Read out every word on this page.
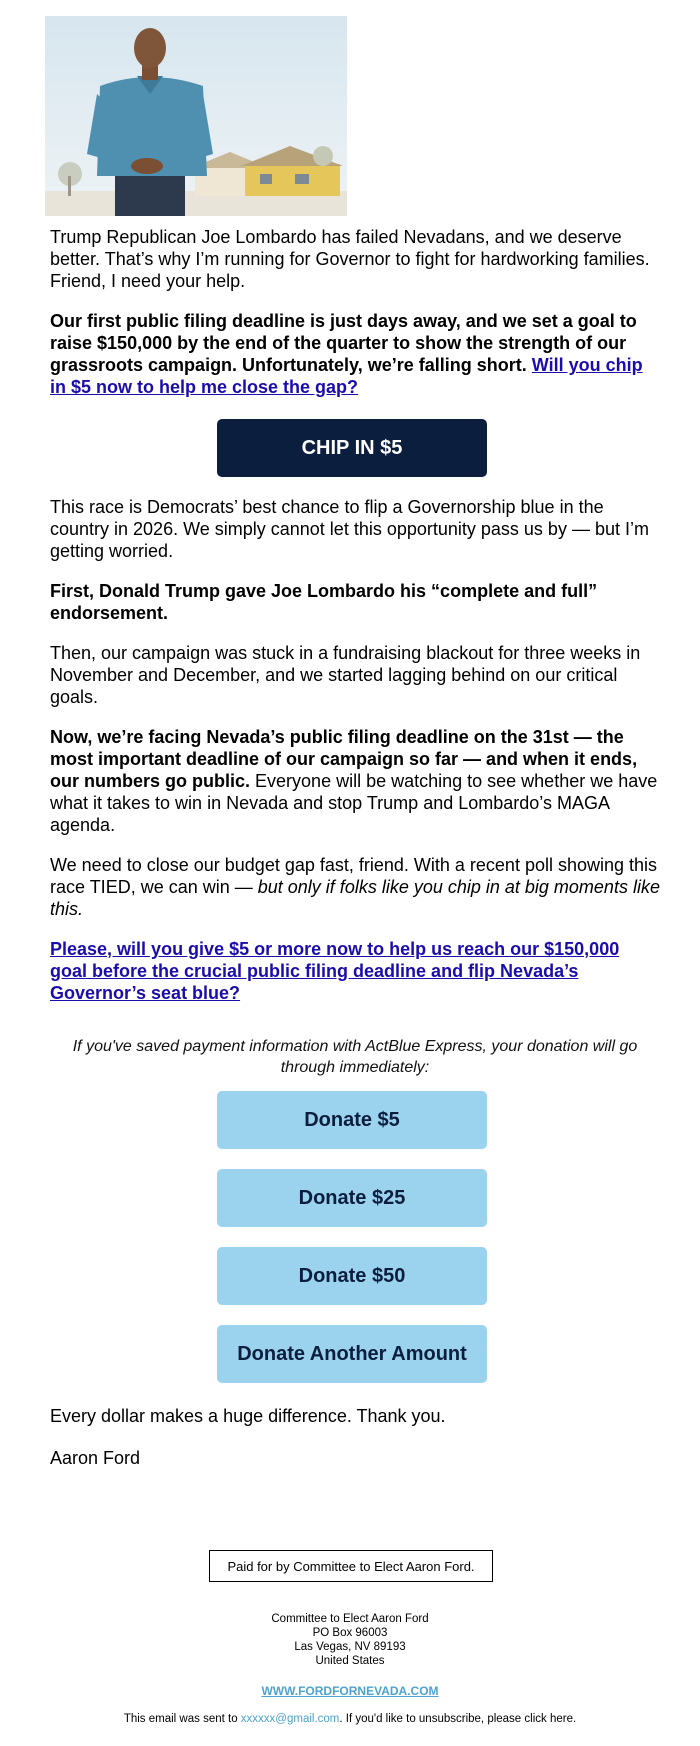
Trump Republican Joe Lombardo has failed Nevadans, and we deserve better. That’s why I’m running for Governor to fight for hardworking families. Friend, I need your help.

Our first public filing deadline is just days away, and we set a goal to raise $150,000 by the end of the quarter to show the strength of our grassroots campaign. Unfortunately, we’re falling short. Will you chip in $5 now to help me close the gap?

CHIP IN $5

This race is Democrats’ best chance to flip a Governorship blue in the country in 2026. We simply cannot let this opportunity pass us by — but I’m getting worried.

First, Donald Trump gave Joe Lombardo his “complete and full” endorsement.

Then, our campaign was stuck in a fundraising blackout for three weeks in November and December, and we started lagging behind on our critical goals.

Now, we’re facing Nevada’s public filing deadline on the 31st — the most important deadline of our campaign so far — and when it ends, our numbers go public. Everyone will be watching to see whether we have what it takes to win in Nevada and stop Trump and Lombardo’s MAGA agenda.

We need to close our budget gap fast, friend. With a recent poll showing this race TIED, we can win — but only if folks like you chip in at big moments like this.

Please, will you give $5 or more now to help us reach our $150,000 goal before the crucial public filing deadline and flip Nevada’s Governor’s seat blue?

If you've saved payment information with ActBlue Express, your donation will go through immediately:
Donate $5
Donate $25
Donate $50
Donate Another Amount

Every dollar makes a huge difference. Thank you.

Aaron Ford

Paid for by Committee to Elect Aaron Ford.
Committee to Elect Aaron Ford
PO Box 96003
Las Vegas, NV 89193
United States
WWW.FORDFORNEVADA.COM
This email was sent to xxxxxx@gmail.com. If you'd like to unsubscribe, please click here.
